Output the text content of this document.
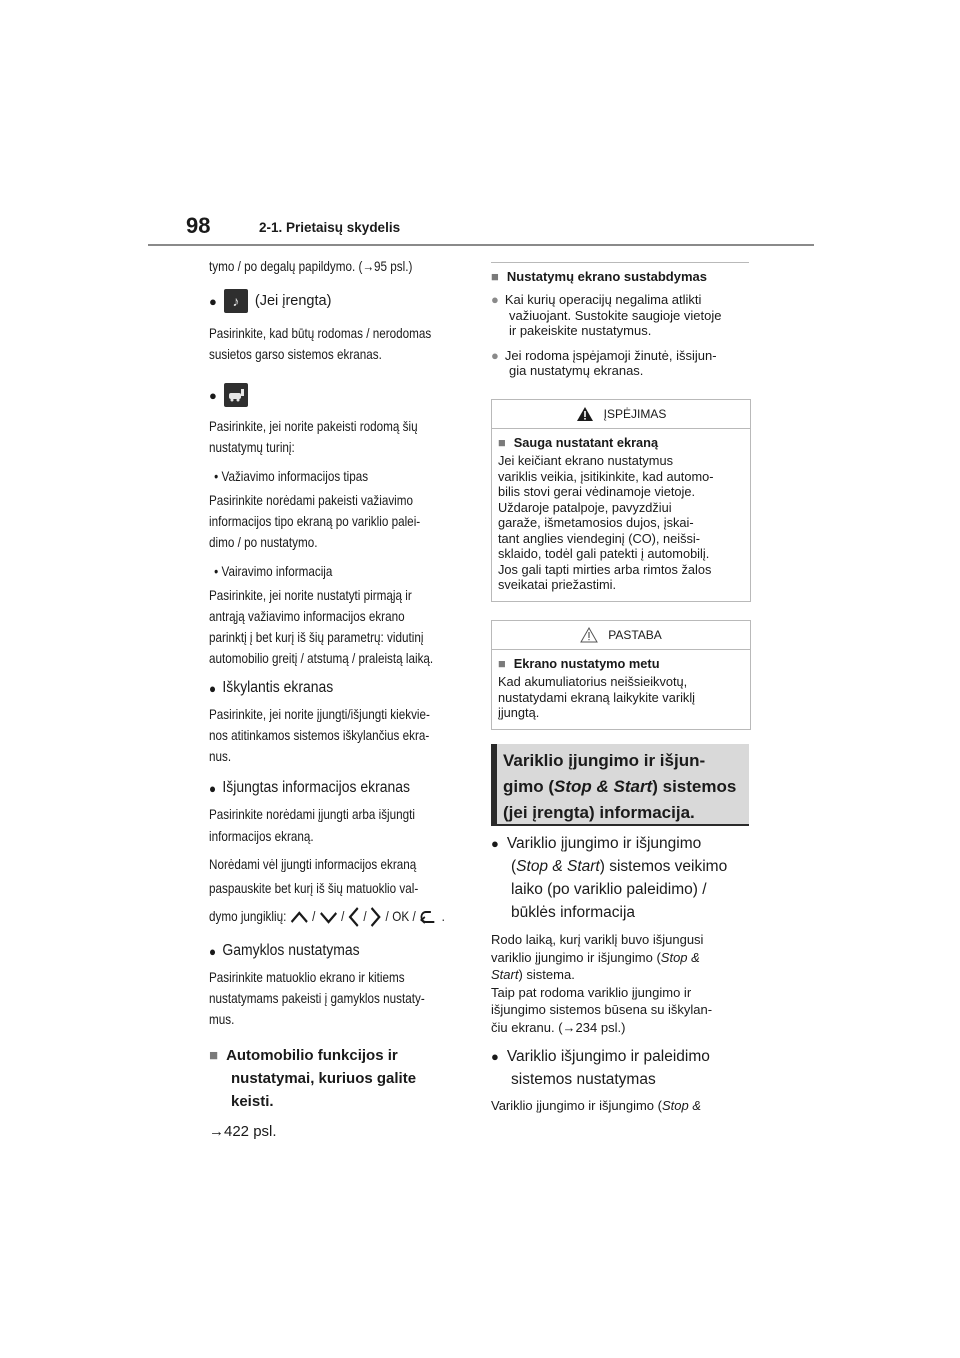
98	2-1. Prietaisų skydelis
tymo / po degalų papildymo. (→95 psl.)
●	♪	(Jei įrengta)
Pasirinkite, kad būtų rodomas / nerodomas
susietos garso sistemos ekranas.
●
Pasirinkite, jei norite pakeisti rodomą šių
nustatymų turinį:
• Važiavimo informacijos tipas
Pasirinkite norėdami pakeisti važiavimo
informacijos tipo ekraną po variklio palei-
dimo / po nustatymo.
• Vairavimo informacija
Pasirinkite, jei norite nustatyti pirmąją ir
antrąją važiavimo informacijos ekrano
parinktį į bet kurį iš šių parametrų: vidutinį
automobilio greitį / atstumą / praleistą laiką.
● Iškylantis ekranas
Pasirinkite, jei norite įjungti/išjungti kiekvie-
nos atitinkamos sistemos iškylančius ekra-
nus.
● Išjungtas informacijos ekranas
Pasirinkite norėdami įjungti arba išjungti
informacijos ekraną.
Norėdami vėl įjungti informacijos ekraną
paspauskite bet kurį iš šių matuoklio val-
dymo jungiklių: / / / / OK / .
● Gamyklos nustatymas
Pasirinkite matuoklio ekrano ir kitiems
nustatymams pakeisti į gamyklos nustaty-
mus.
■ Automobilio funkcijos ir
nustatymai, kuriuos galite
keisti.
→422 psl.
■ Nustatymų ekrano sustabdymas
● Kai kurių operacijų negalima atlikti
važiuojant. Sustokite saugioje vietoje
ir pakeiskite nustatymus.
● Jei rodoma įspėjamoji žinutė, išsijun-
gia nustatymų ekranas.
ĮSPĖJIMAS
■ Sauga nustatant ekraną
Jei keičiant ekrano nustatymus
variklis veikia, įsitikinkite, kad automo-
bilis stovi gerai vėdinamoje vietoje.
Uždaroje patalpoje, pavyzdžiui
garaže, išmetamosios dujos, įskai-
tant anglies viendeginį (CO), neišsi-
sklaido, todėl gali patekti į automobilį.
Jos gali tapti mirties arba rimtos žalos
sveikatai priežastimi.
PASTABA
■ Ekrano nustatymo metu
Kad akumuliatorius neišsieikvotų,
nustatydami ekraną laikykite variklį
įjungtą.
Variklio įjungimo ir išjun-
gimo (Stop & Start) sistemos
(jei įrengta) informacija.
● Variklio įjungimo ir išjungimo
(Stop & Start) sistemos veikimo
laiko (po variklio paleidimo) /
būklės informacija
Rodo laiką, kurį variklį buvo išjungusi
variklio įjungimo ir išjungimo (Stop &
Start) sistema.
Taip pat rodoma variklio įjungimo ir
išjungimo sistemos būsena su iškylan-
čiu ekranu. (→234 psl.)
● Variklio išjungimo ir paleidimo
sistemos nustatymas
Variklio įjungimo ir išjungimo (Stop &
